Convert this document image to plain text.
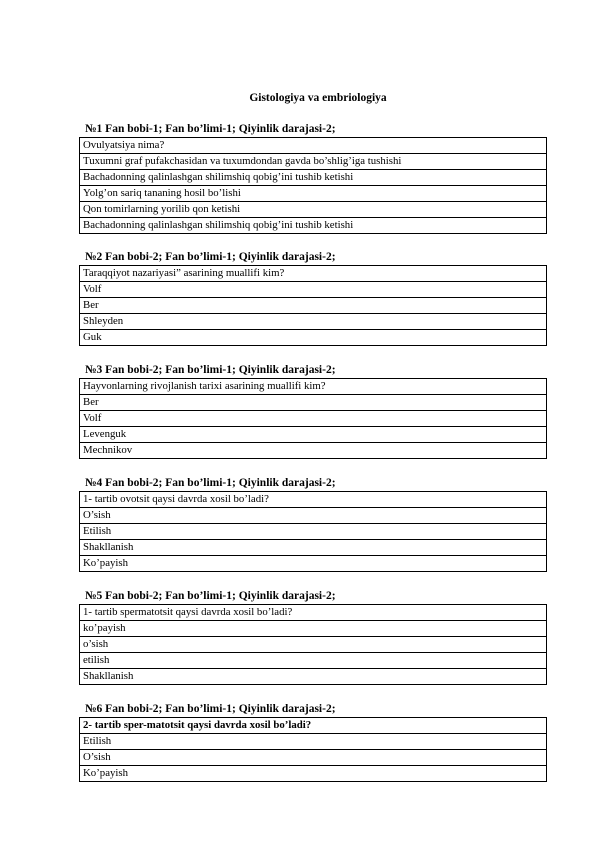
Gistologiya va embriologiya
№1 Fan bobi-1; Fan bo’limi-1; Qiyinlik darajasi-2;
Ovulyatsiya nima?
Tuxumni graf pufakchasidan va tuxumdondan gavda bo’shlig’iga tushishi
Bachadonning qalinlashgan shilimshiq qobig’ini tushib ketishi
Yolg’on sariq tananing hosil bo’lishi
Qon tomirlarning yorilib qon ketishi
Bachadonning qalinlashgan shilimshiq qobig’ini tushib ketishi
№2 Fan bobi-2; Fan bo’limi-1; Qiyinlik darajasi-2;
Taraqqiyot nazariyasi” asarining muallifi kim?
Volf
Ber
Shleyden
Guk
№3 Fan bobi-2; Fan bo’limi-1; Qiyinlik darajasi-2;
Hayvonlarning rivojlanish tarixi asarining muallifi kim?
Ber
Volf
Levenguk
Mechnikov
№4 Fan bobi-2; Fan bo’limi-1; Qiyinlik darajasi-2;
1- tartib ovotsit qaysi davrda xosil bo’ladi?
O’sish
Etilish
Shakllanish
Ko’payish
№5 Fan bobi-2; Fan bo’limi-1; Qiyinlik darajasi-2;
1- tartib spermatotsit qaysi davrda xosil bo’ladi?
ko’payish
o’sish
etilish
Shakllanish
№6 Fan bobi-2; Fan bo’limi-1; Qiyinlik darajasi-2;
2- tartib sper-matotsit qaysi davrda xosil bo’ladi?
Etilish
O’sish
Ko’payish
